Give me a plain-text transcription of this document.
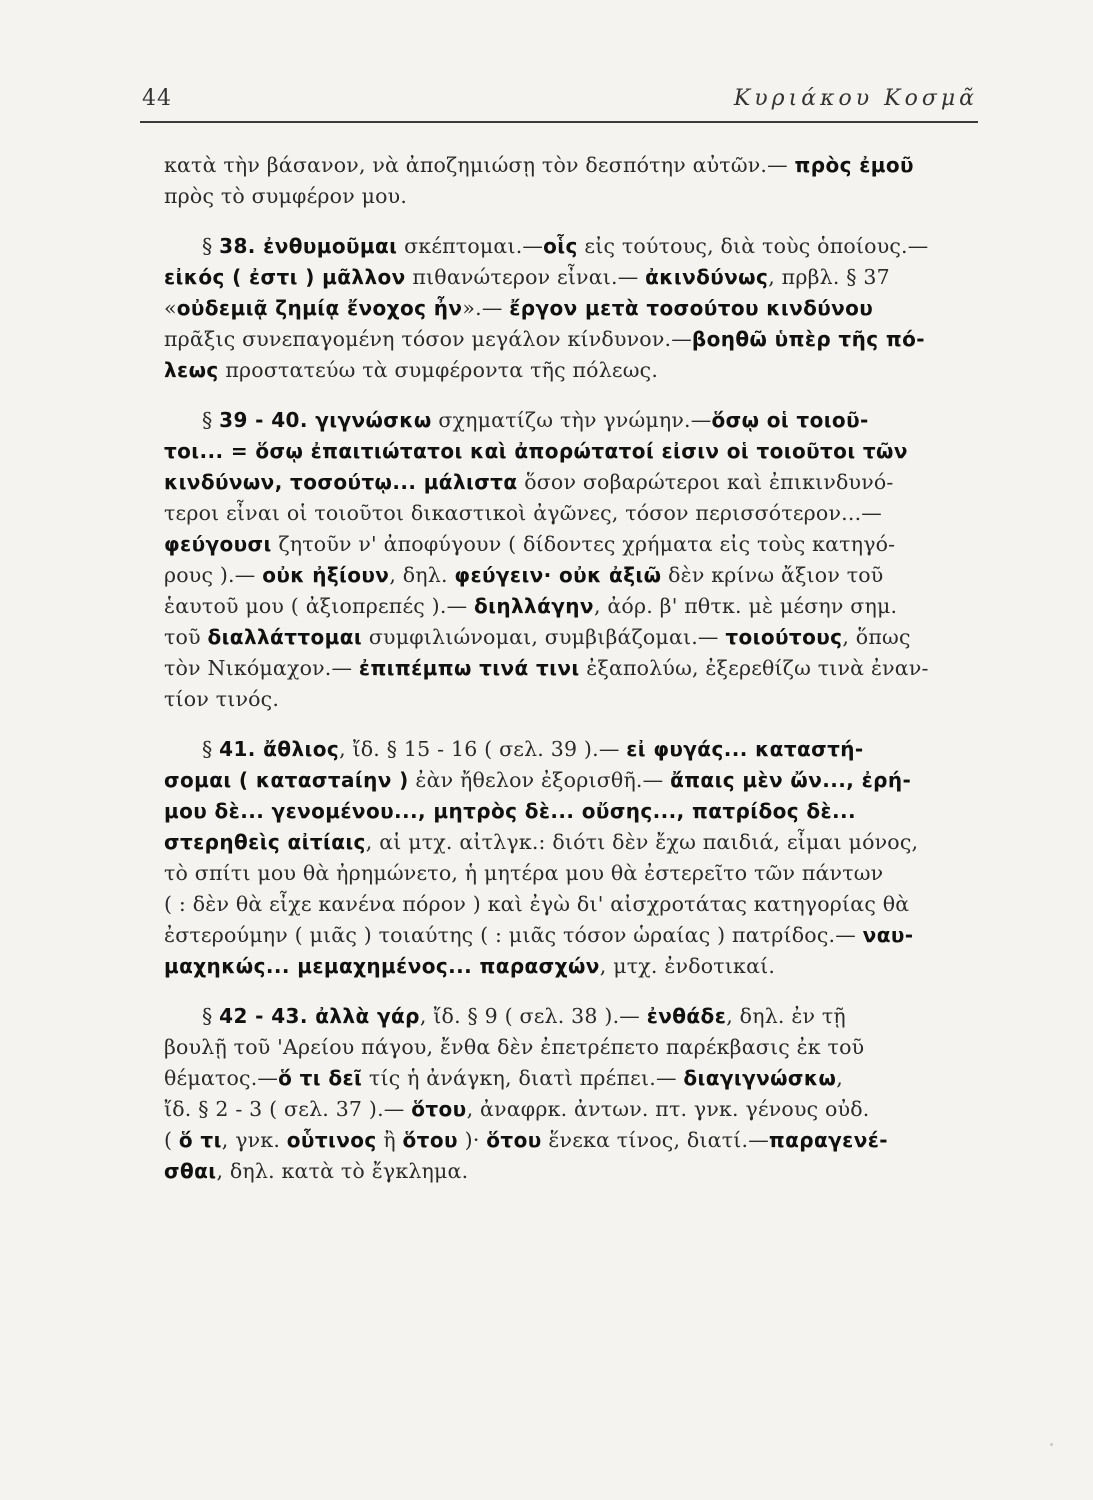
44	Κυριάκου Κοσμᾶ
κατὰ τὴν βάσανον, νὰ ἀποζημιώσῃ τὸν δεσπότην αὐτῶν.— πρὸς ἐμοῦ
πρὸς τὸ συμφέρον μου.
§ 38. ἐνθυμοῦμαι σκέπτομαι.—οἷς εἰς τούτους, διὰ τοὺς ὁποίους.—
εἰκός ( ἐστι ) μᾶλλον πιθανώτερον εἶναι.— ἀκινδύνως, πρβλ. § 37
«οὐδεμιᾷ ζημίᾳ ἔνοχος ἦν».— ἔργον μετὰ τοσούτου κινδύνου
πρᾶξις συνεπαγομένη τόσον μεγάλον κίνδυνον.—βοηθῶ ὑπὲρ τῆς πό-
λεως προστατεύω τὰ συμφέροντα τῆς πόλεως.
§ 39 - 40. γιγνώσκω σχηματίζω τὴν γνώμην.—ὅσῳ οἱ τοιοῦ-
τοι... = ὅσῳ ἐπαιτιώτατοι καὶ ἀπορώτατοί εἰσιν οἱ τοιοῦτοι τῶν
κινδύνων, τοσούτῳ... μάλιστα ὅσον σοβαρώτεροι καὶ ἐπικινδυνό-
τεροι εἶναι οἱ τοιοῦτοι δικαστικοὶ ἀγῶνες, τόσον περισσότερον...—
φεύγουσι ζητοῦν ν' ἀποφύγουν ( δίδοντες χρήματα εἰς τοὺς κατηγό-
ρους ).— οὐκ ἠξίουν, δηλ. φεύγειν· οὐκ ἀξιῶ δὲν κρίνω ἄξιον τοῦ
ἑαυτοῦ μου ( ἀξιοπρεπές ).— διηλλάγην, ἀόρ. β' πθτκ. μὲ μέσην σημ.
τοῦ διαλλάττομαι συμφιλιώνομαι, συμβιβάζομαι.— τοιούτους, ὅπως
τὸν Νικόμαχον.— ἐπιπέμπω τινά τινι ἐξαπολύω, ἐξερεθίζω τινὰ ἐναν-
τίον τινός.
§ 41. ἄθλιος, ἴδ. § 15 - 16 ( σελ. 39 ).— εἰ φυγάς... καταστή-
σομαι ( καταστaίην ) ἐὰν ἤθελον ἐξορισθῆ.— ἄπαις μὲν ὤν..., ἐρή-
μου δὲ... γενομένου..., μητρὸς δὲ... οὔσης..., πατρίδος δὲ...
στερηθεὶς αἰτίαις, αἱ μτχ. αἰτλγκ.: διότι δὲν ἔχω παιδιά, εἶμαι μόνος,
τὸ σπίτι μου θὰ ἠρημώνετο, ἡ μητέρα μου θὰ ἐστερεῖτο τῶν πάντων
( : δὲν θὰ εἶχε κανένα πόρον ) καὶ ἐγὼ δι' αἰσχροτάτας κατηγορίας θὰ
ἐστερούμην ( μιᾶς ) τοιαύτης ( : μιᾶς τόσον ὡραίας ) πατρίδος.— ναυ-
μαχηκώς... μεμαχημένος... παρασχών, μτχ. ἐνδοτικαί.
§ 42 - 43. ἀλλὰ γάρ, ἴδ. § 9 ( σελ. 38 ).— ἐνθάδε, δηλ. ἐν τῇ
βουλῇ τοῦ 'Αρείου πάγου, ἔνθα δὲν ἐπετρέπετο παρέκβασις ἐκ τοῦ
θέματος.—ὅ τι δεῖ τίς ἡ ἀνάγκη, διατὶ πρέπει.— διαγιγνώσκω,
ἴδ. § 2 - 3 ( σελ. 37 ).— ὅτου, ἀναφρκ. ἀντων. πτ. γνκ. γένους οὐδ.
( ὅ τι, γνκ. οὗτινος ἢ ὅτου )· ὅτου ἕνεκα τίνος, διατί.—παραγενέ-
σθαι, δηλ. κατὰ τὸ ἔγκλημα.
